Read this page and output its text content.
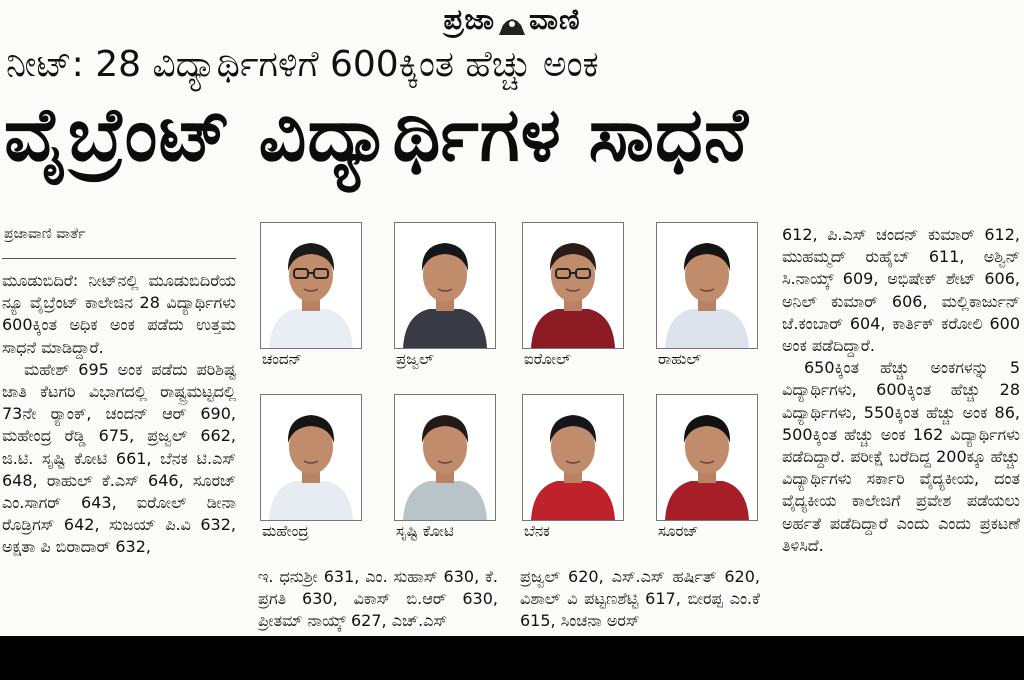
ಪ್ರಜಾ ವಾಣಿ
ನೀಟ್: 28 ವಿದ್ಯಾರ್ಥಿಗಳಿಗೆ 600ಕ್ಕಿಂತ ಹೆಚ್ಚು ಅಂಕ
ವೈಬ್ರೆಂಟ್ ವಿದ್ಯಾರ್ಥಿಗಳ ಸಾಧನೆ
ಪ್ರಜಾವಾಣಿ ವಾರ್ತೆ

ಮೂಡುಬಿದಿರೆ: ನೀಟ್‌ನಲ್ಲಿ ಮೂಡುಬಿದಿರೆಯ ನ್ಯೂ ವೈಬ್ರೆಂಟ್ ಕಾಲೇಜಿನ 28 ವಿದ್ಯಾರ್ಥಿಗಳು 600ಕ್ಕಿಂತ ಅಧಿಕ ಅಂಕ ಪಡೆದು ಉತ್ತಮ ಸಾಧನೆ ಮಾಡಿದ್ದಾರೆ.

ಮಹೇಶ್ 695 ಅಂಕ ಪಡೆದು ಪರಿಶಿಷ್ಟ ಜಾತಿ ಕೆಟಗರಿ ವಿಭಾಗದಲ್ಲಿ ರಾಷ್ಟ್ರಮಟ್ಟದಲ್ಲಿ 73ನೇ ರ‍್ಯಾಂಕ್, ಚಂದನ್ ಆರ್ 690, ಮಹೇಂದ್ರ ರೆಡ್ಡಿ 675, ಪ್ರಜ್ವಲ್ 662, ಜಿ.ಟಿ. ಸೃಷ್ಟಿ ಕೋಟಿ 661, ಬೆನಕ ಟಿ.ಎಸ್ 648, ರಾಹುಲ್ ಕೆ.ಎಸ್ 646, ಸೂರಜ್ ಎಂ.ಸಾಗರ್ 643, ಐರೋಲ್ ಡೀನಾ ರೊಡ್ರಿಗಸ್ 642, ಸುಜಯ್ ಪಿ.ವಿ 632, ಅಕ್ಷತಾ ಪಿ ಬಿರಾದಾರ್ 632,

ಚಂದನ್	ಪ್ರಜ್ವಲ್	ಐರೋಲ್	ರಾಹುಲ್
ಮಹೇಂದ್ರ	ಸೃಷ್ಟಿ ಕೋಟಿ	ಬೆನಕ	ಸೂರಜ್

ಇ. ಧನುಶ್ರೀ 631, ಎಂ. ಸುಹಾಸ್ 630, ಕೆ. ಪ್ರಗತಿ 630, ವಿಕಾಸ್ ಬಿ.ಆರ್ 630, ಪ್ರೀತಮ್ ನಾಯ್ಕ್ 627, ಎಚ್.ಎಸ್

ಪ್ರಜ್ವಲ್ 620, ಎಸ್.ಎಸ್ ಹರ್ಷಿತ್ 620, ವಿಶಾಲ್ ವಿ ಪಟ್ಟಣಶೆಟ್ಟಿ 617, ಬೀರಪ್ಪ ಎಂ.ಕೆ 615, ಸಿಂಚನಾ ಅರಸ್

612, ಪಿ.ಎಸ್ ಚಂದನ್ ಕುಮಾರ್ 612, ಮುಹಮ್ಮದ್ ರುಹೈಬ್ 611, ಅಶ್ವಿನ್ ಸಿ.ನಾಯ್ಕ್ 609, ಅಭಿಷೇಕ್ ಶೇಟ್ 606, ಅನಿಲ್ ಕುಮಾರ್ 606, ಮಲ್ಲಿಕಾರ್ಜುನ್ ಜೆ.ಕಂಬಾರ್ 604, ಕಾರ್ತಿಕ್ ಕರೋಲಿ 600 ಅಂಕ ಪಡೆದಿದ್ದಾರೆ.

650ಕ್ಕಿಂತ ಹೆಚ್ಚು ಅಂಕಗಳನ್ನು 5 ವಿದ್ಯಾರ್ಥಿಗಳು, 600ಕ್ಕಿಂತ ಹೆಚ್ಚು 28 ವಿದ್ಯಾರ್ಥಿಗಳು, 550ಕ್ಕಿಂತ ಹೆಚ್ಚು ಅಂಕ 86, 500ಕ್ಕಿಂತ ಹೆಚ್ಚು ಅಂಕ 162 ವಿದ್ಯಾರ್ಥಿಗಳು ಪಡೆದಿದ್ದಾರೆ. ಪರೀಕ್ಷೆ ಬರೆದಿದ್ದ 200ಕ್ಕೂ ಹೆಚ್ಚು ವಿದ್ಯಾರ್ಥಿಗಳು ಸರ್ಕಾರಿ ವೈದ್ಯಕೀಯ, ದಂತ ವೈದ್ಯಕೀಯ ಕಾಲೇಜಿಗೆ ಪ್ರವೇಶ ಪಡೆಯಲು ಅರ್ಹತೆ ಪಡೆದಿದ್ದಾರೆ ಎಂದು ಎಂದು ಪ್ರಕಟಣೆ ತಿಳಿಸಿದೆ.
